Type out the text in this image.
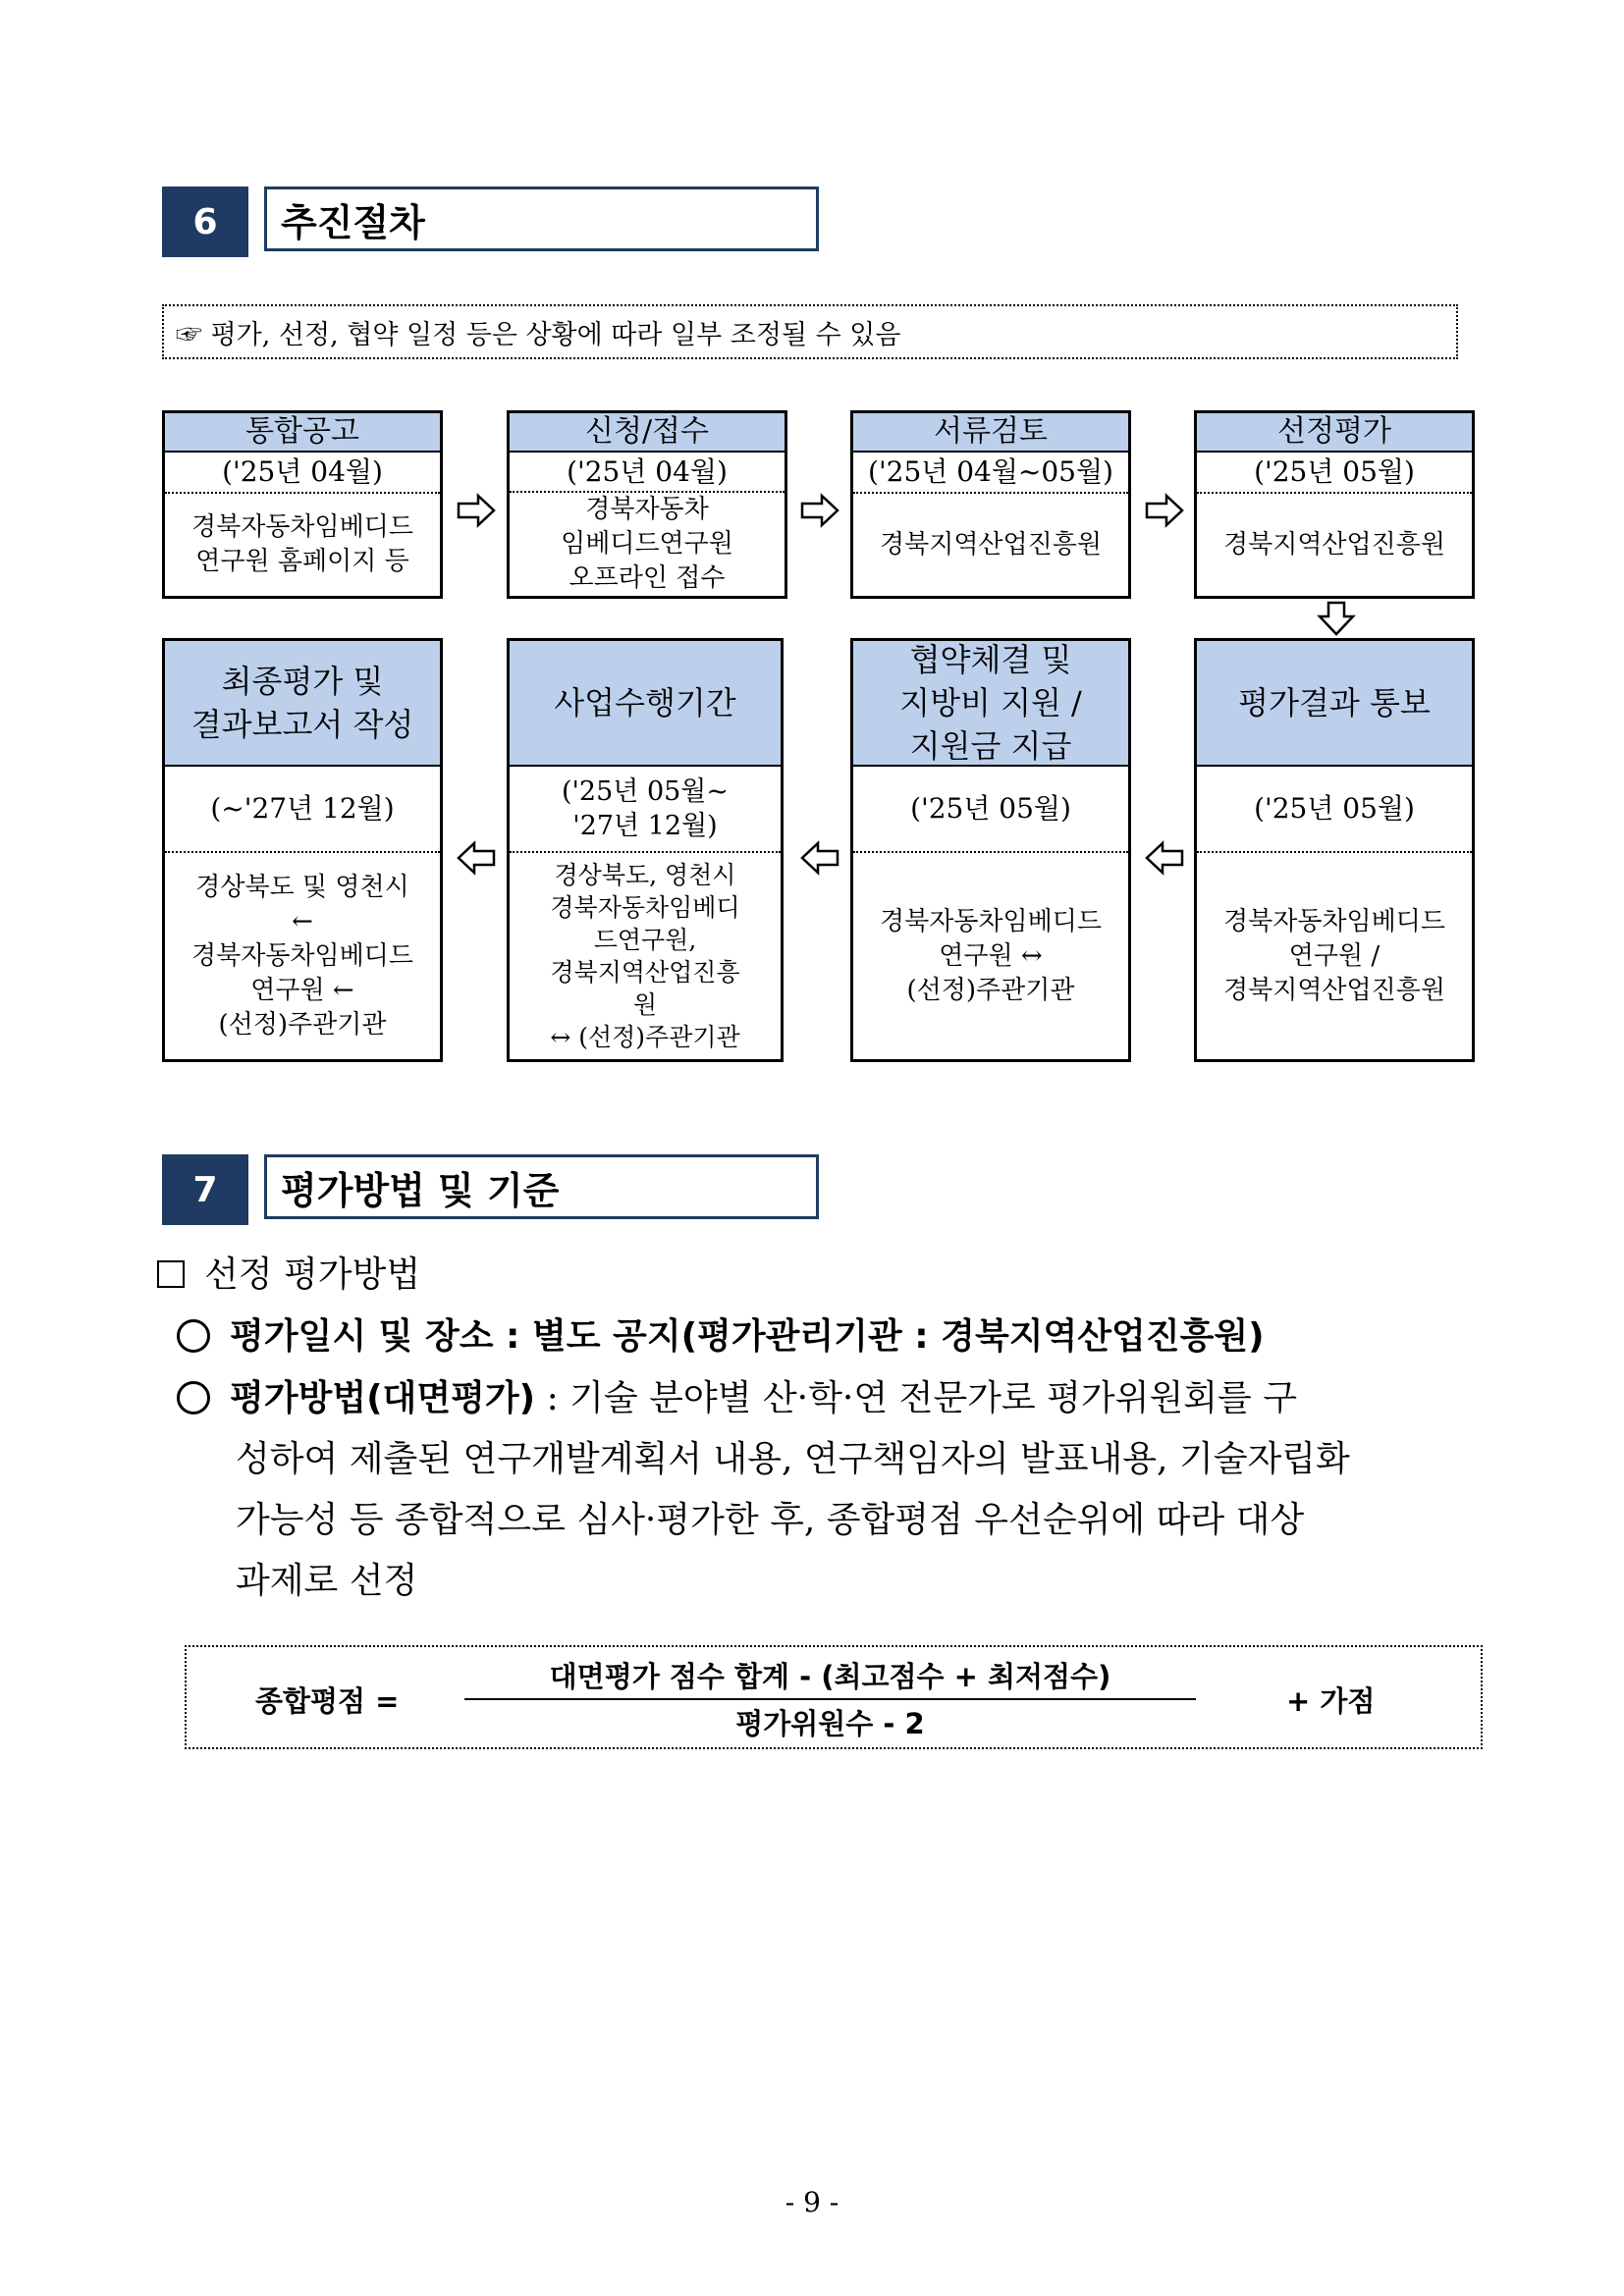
6	추진절차
☞ 평가, 선정, 협약 일정 등은 상황에 따라 일부 조정될 수 있음
통합공고
('25년 04월)
경북자동차임베디드
연구원 홈페이지 등
신청/접수
('25년 04월)
경북자동차
임베디드연구원
오프라인 접수
서류검토
('25년 04월~05월)
경북지역산업진흥원
선정평가
('25년 05월)
경북지역산업진흥원
평가결과 통보
('25년 05월)
경북자동차임베디드
연구원 /
경북지역산업진흥원
협약체결 및
지방비 지원 /
지원금 지급
('25년 05월)
경북자동차임베디드
연구원 ↔
(선정)주관기관
사업수행기간
('25년 05월~
'27년 12월)
경상북도, 영천시
경북자동차임베디
드연구원,
경북지역산업진흥
원
↔ (선정)주관기관
최종평가 및
결과보고서 작성
(~'27년 12월)
경상북도 및 영천시
←
경북자동차임베디드
연구원 ←
(선정)주관기관
7	평가방법 및 기준
선정 평가방법
평가일시 및 장소 : 별도 공지(평가관리기관 : 경북지역산업진흥원)
평가방법(대면평가) : 기술 분야별 산·학·연 전문가로 평가위원회를 구
성하여 제출된 연구개발계획서 내용, 연구책임자의 발표내용, 기술자립화
가능성 등 종합적으로 심사·평가한 후, 종합평점 우선순위에 따라 대상
과제로 선정
종합평점 =
대면평가 점수 합계 - (최고점수 + 최저점수)
평가위원수 - 2
+ 가점
- 9 -
